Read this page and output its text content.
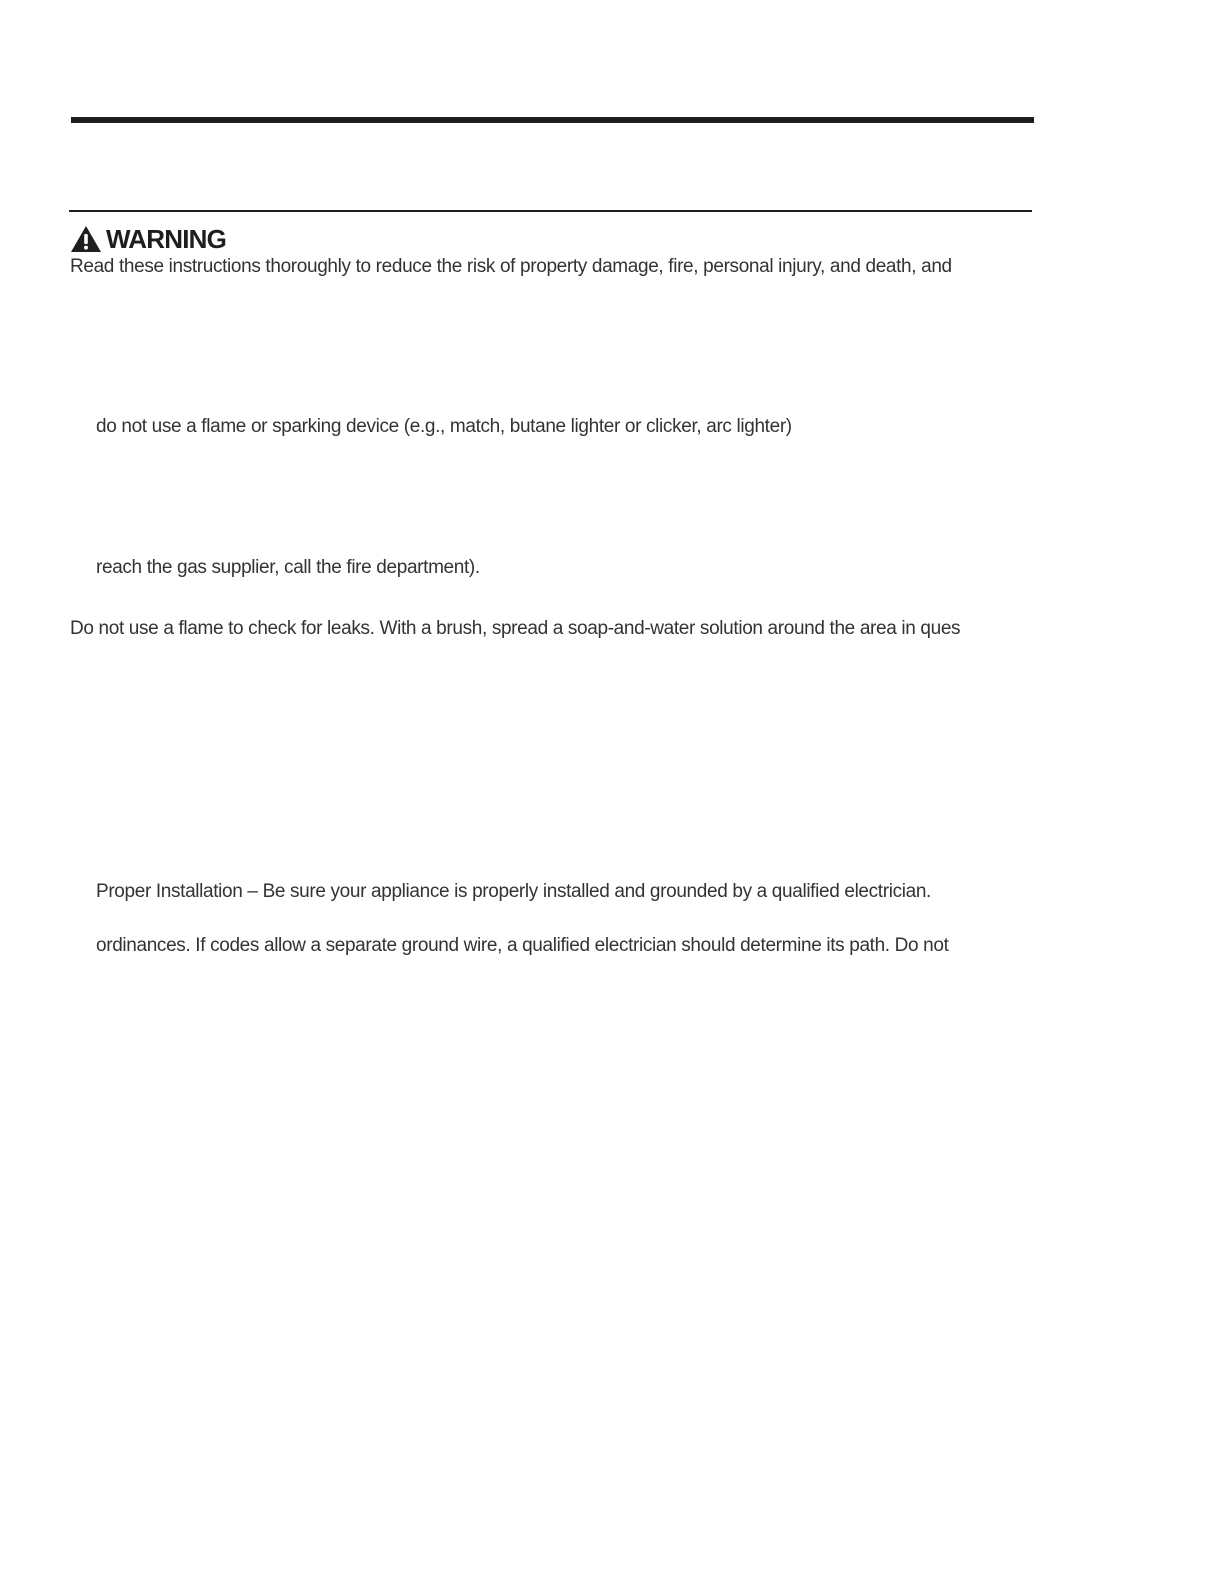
WARNING
Read these instructions thoroughly to reduce the risk of property damage, fire, personal injury, and death, and
do not use a flame or sparking device (e.g., match, butane lighter or clicker, arc lighter)
reach the gas supplier, call the fire department).
Do not use a flame to check for leaks. With a brush, spread a soap-and-water solution around the area in ques
Proper Installation – Be sure your appliance is properly installed and grounded by a qualified electrician.
ordinances. If codes allow a separate ground wire, a qualified electrician should determine its path. Do not
